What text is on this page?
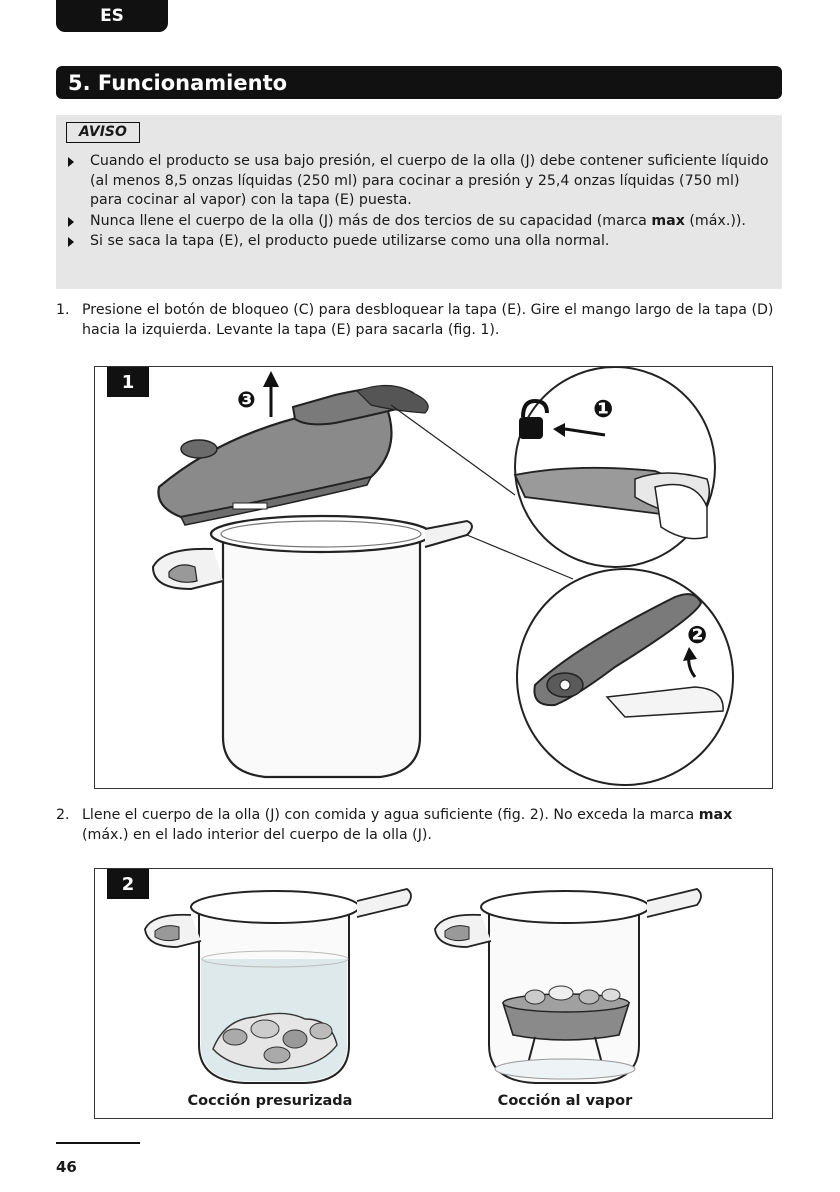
ES
5. Funcionamiento
AVISO
Cuando el producto se usa bajo presión, el cuerpo de la olla (J) debe contener suficiente líquido (al menos 8,5 onzas líquidas (250 ml) para cocinar a presión y 25,4 onzas líquidas (750 ml) para cocinar al vapor) con la tapa (E) puesta.
Nunca llene el cuerpo de la olla (J) más de dos tercios de su capacidad (marca max (máx.)).
Si se saca la tapa (E), el producto puede utilizarse como una olla normal.
1. Presione el botón de bloqueo (C) para desbloquear la tapa (E). Gire el mango largo de la tapa (D) hacia la izquierda. Levante la tapa (E) para sacarla (fig. 1).
1
❸	❶
❷
2. Llene el cuerpo de la olla (J) con comida y agua suficiente (fig. 2). No exceda la marca max (máx.) en el lado interior del cuerpo de la olla (J).
2
Cocción presurizada	Cocción al vapor
46
